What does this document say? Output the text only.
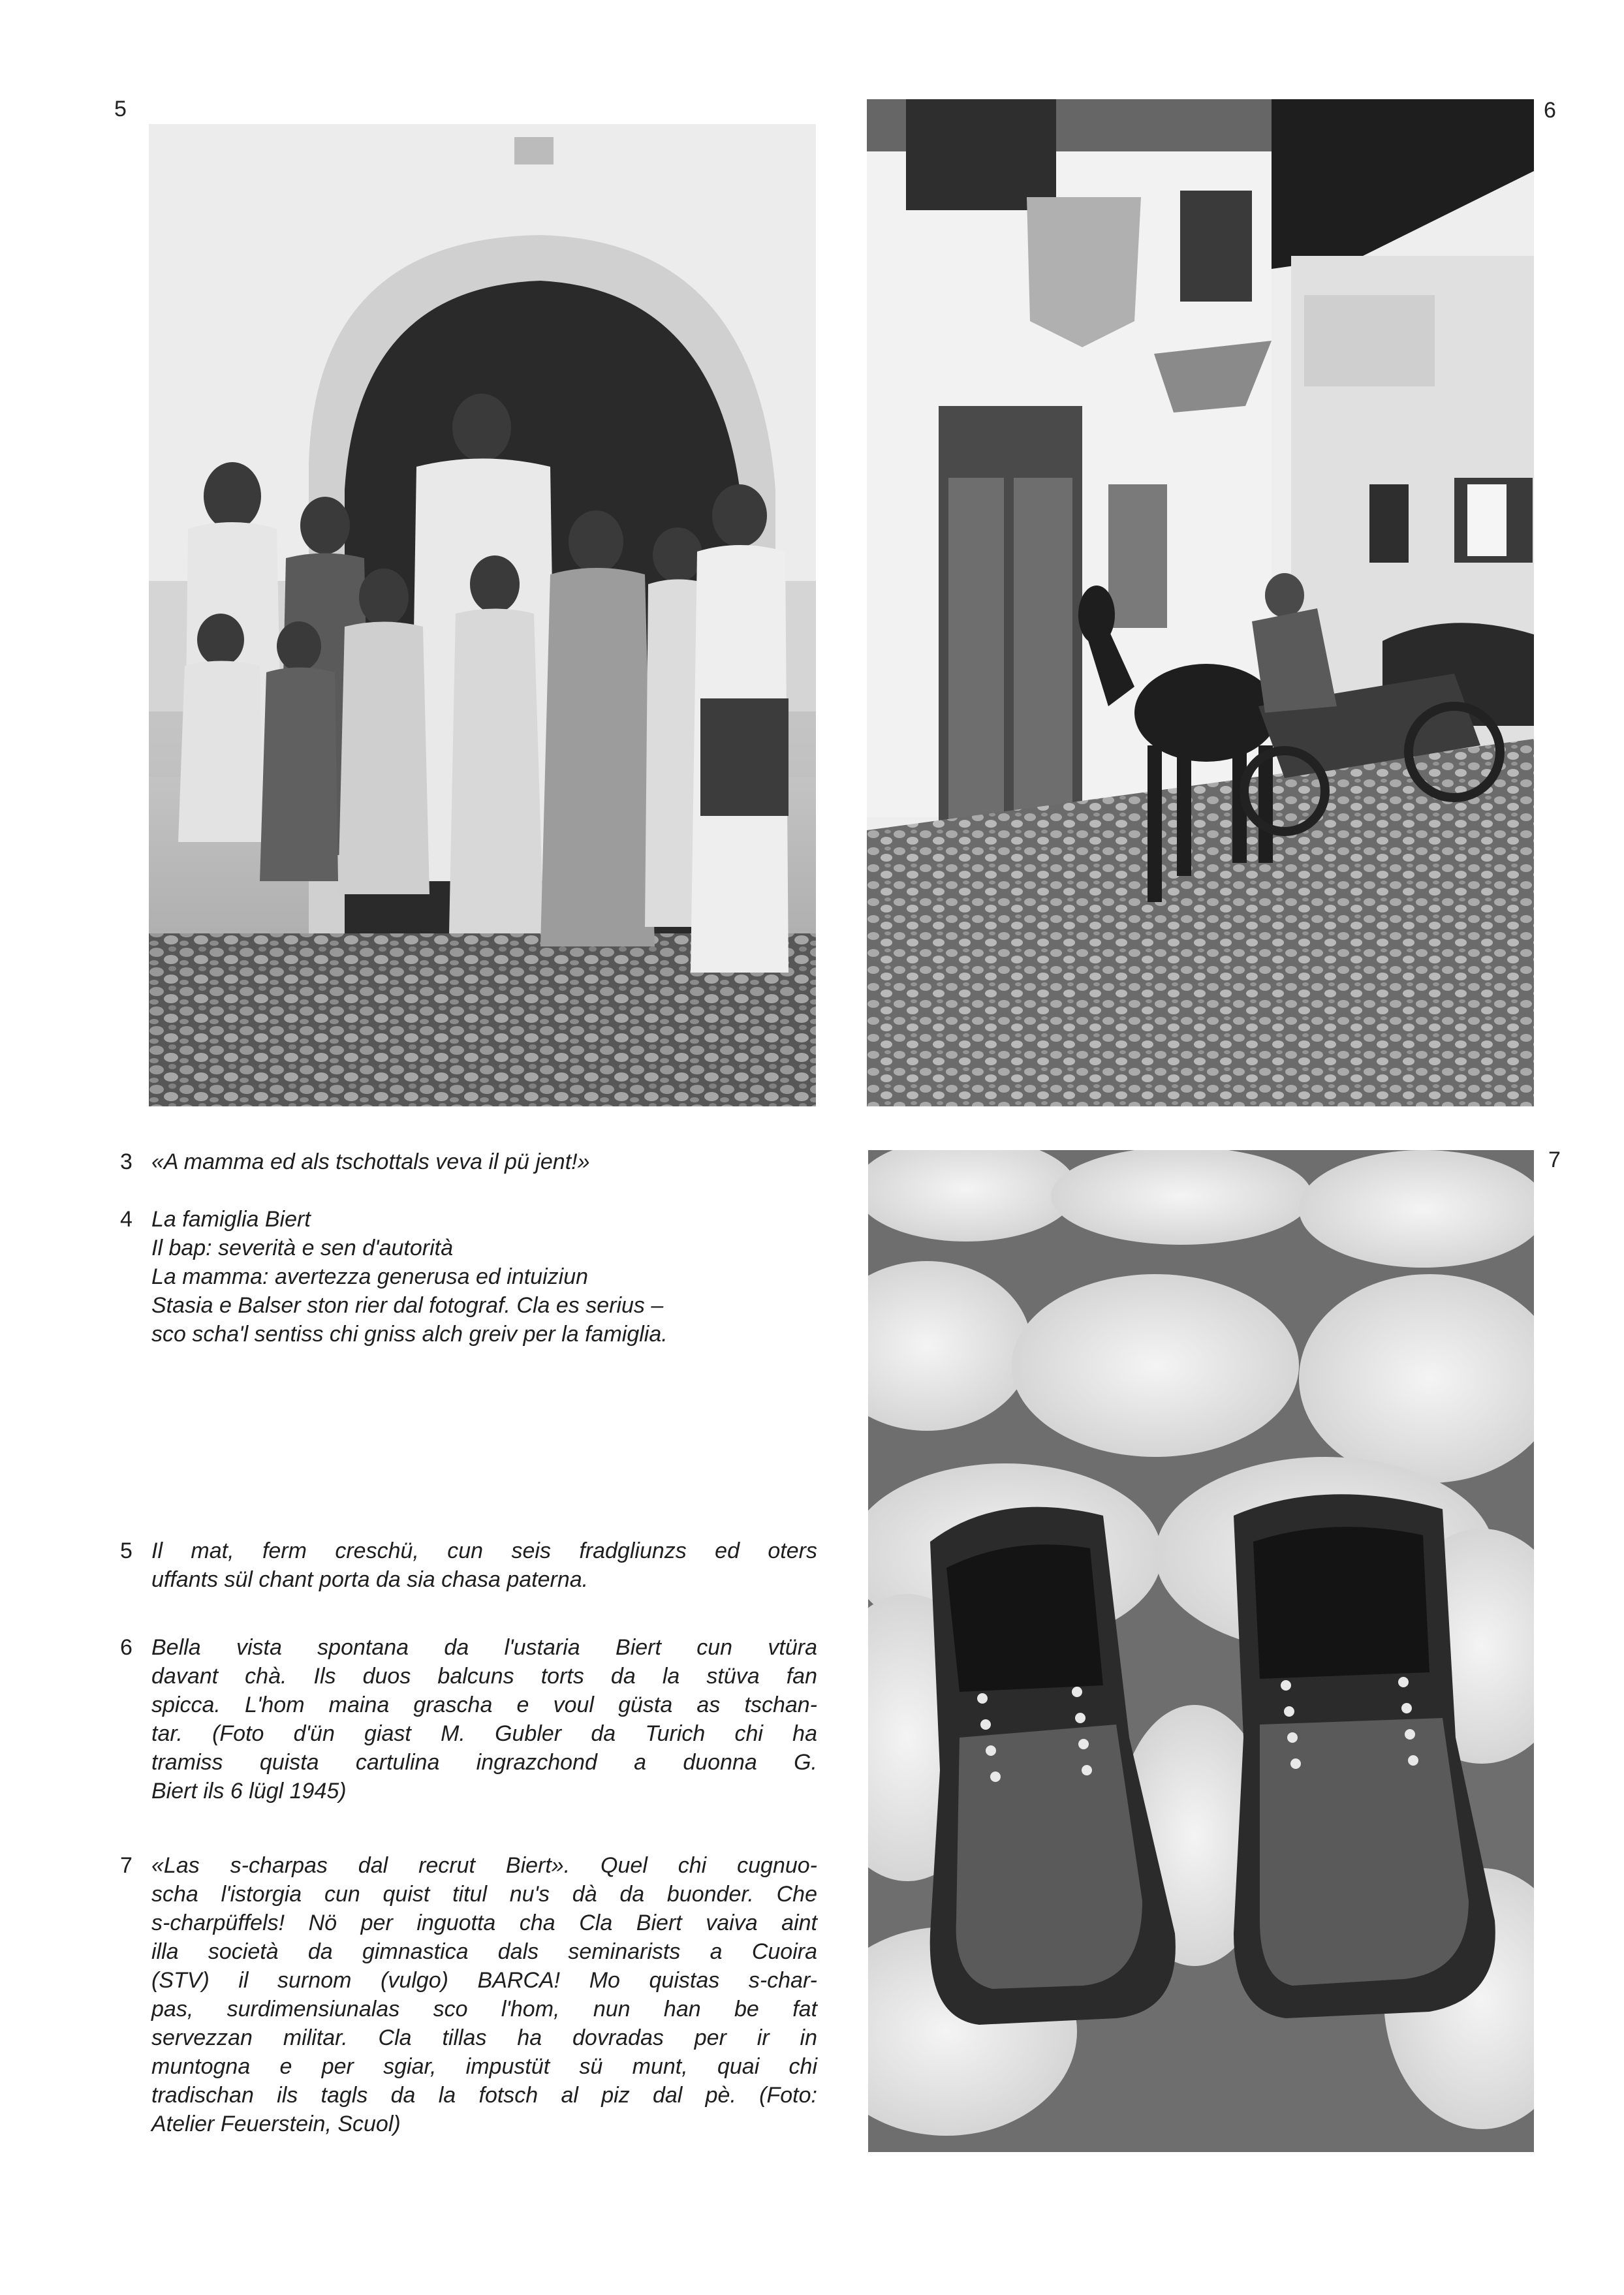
5	6
7
3 «A mamma ed als tschottals veva il pü jent!»
4 La famiglia Biert
Il bap: severità e sen d'autorità
La mamma: avertezza generusa ed intuiziun
Stasia e Balser ston rier dal fotograf. Cla es serius –
sco scha'l sentiss chi gniss alch greiv per la famiglia.
5 Il mat, ferm creschü, cun seis fradgliunzs ed oters
uffants sül chant porta da sia chasa paterna.
6 Bella vista spontana da l'ustaria Biert cun vtüra
davant chà. Ils duos balcuns torts da la stüva fan
spicca. L'hom maina grascha e voul güsta as tschan-
tar. (Foto d'ün giast M. Gubler da Turich chi ha
tramiss quista cartulina ingrazchond a duonna G.
Biert ils 6 lügl 1945)
7 «Las s-charpas dal recrut Biert». Quel chi cugnuo-
scha l'istorgia cun quist titul nu's dà da buonder. Che
s-charpüffels! Nö per inguotta cha Cla Biert vaiva aint
illa società da gimnastica dals seminarists a Cuoira
(STV) il surnom (vulgo) BARCA! Mo quistas s-char-
pas, surdimensiunalas sco l'hom, nun han be fat
servezzan militar. Cla tillas ha dovradas per ir in
muntogna e per sgiar, impustüt sü munt, quai chi
tradischan ils tagls da la fotsch al piz dal pè. (Foto:
Atelier Feuerstein, Scuol)
